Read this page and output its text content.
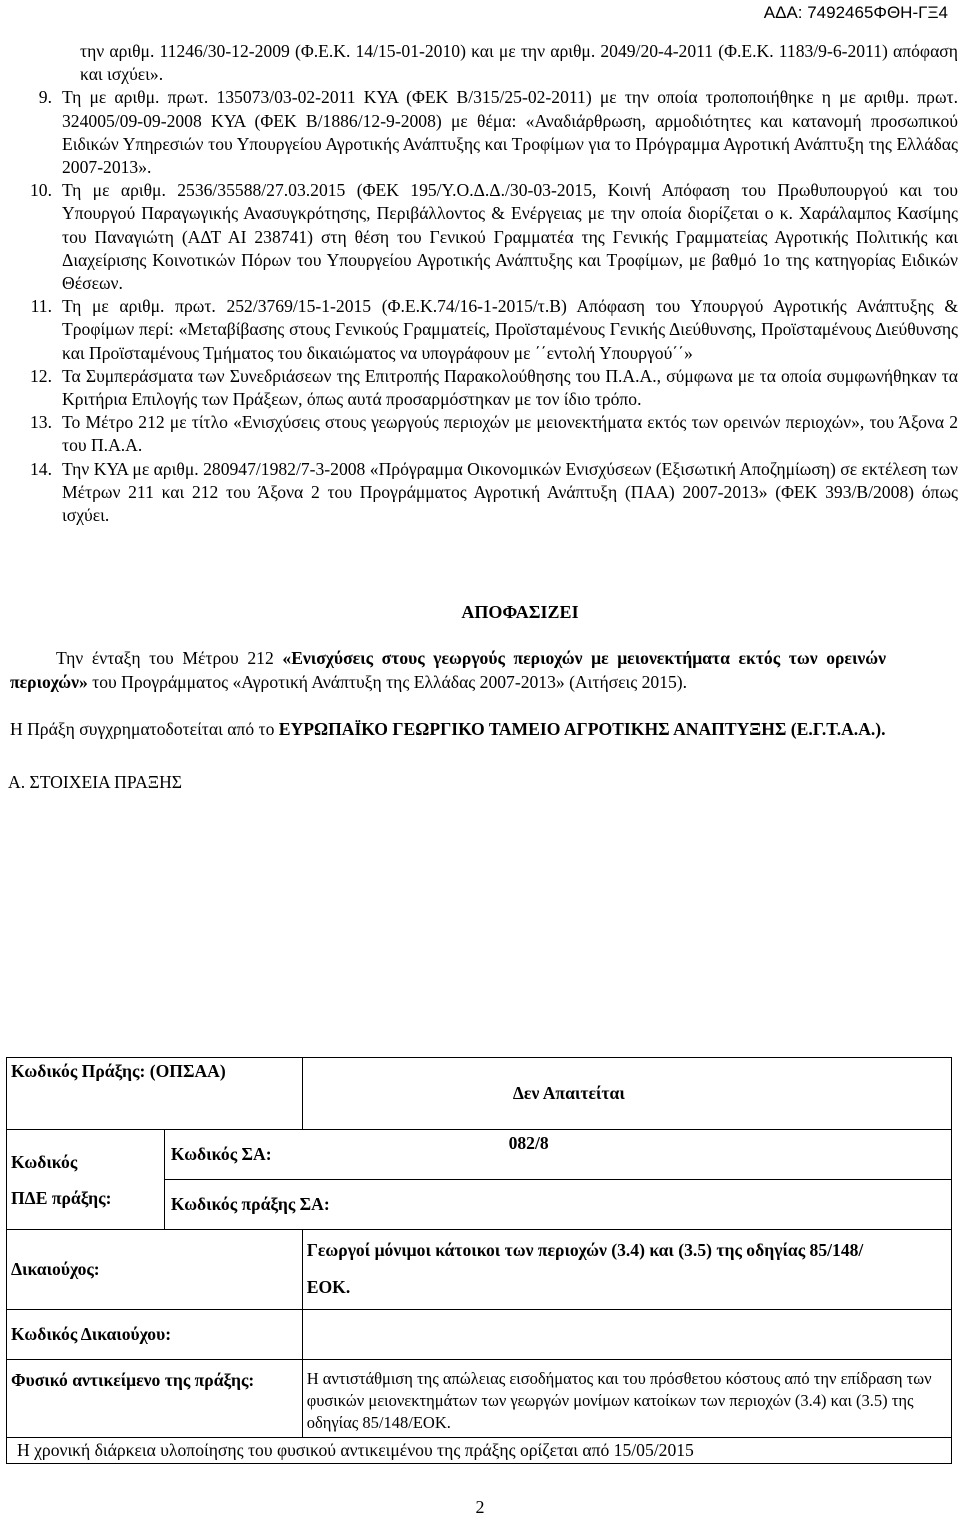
ΑΔΑ: 7492465ΦΘΗ-ΓΞ4

την αριθμ. 11246/30-12-2009 (Φ.Ε.Κ. 14/15-01-2010) και με την αριθμ. 2049/20-4-2011 (Φ.Ε.Κ. 1183/9-6-2011) απόφαση και ισχύει».

9. Τη με αριθμ. πρωτ. 135073/03-02-2011 ΚΥΑ (ΦΕΚ Β/315/25-02-2011) με την οποία τροποποιήθηκε η με αριθμ. πρωτ. 324005/09-09-2008 ΚΥΑ (ΦΕΚ Β/1886/12-9-2008) με θέμα: «Αναδιάρθρωση, αρμοδιότητες και κατανομή προσωπικού Ειδικών Υπηρεσιών του Υπουργείου Αγροτικής Ανάπτυξης και Τροφίμων για το Πρόγραμμα Αγροτική Ανάπτυξη της Ελλάδας 2007-2013».
10. Τη με αριθμ. 2536/35588/27.03.2015 (ΦΕΚ 195/Υ.Ο.Δ.Δ./30-03-2015, Κοινή Απόφαση του Πρωθυπουργού και του Υπουργού Παραγωγικής Ανασυγκρότησης, Περιβάλλοντος & Ενέργειας με την οποία διορίζεται ο κ. Χαράλαμπος Κασίμης του Παναγιώτη (ΑΔΤ ΑΙ 238741) στη θέση του Γενικού Γραμματέα της Γενικής Γραμματείας Αγροτικής Πολιτικής και Διαχείρισης Κοινοτικών Πόρων του Υπουργείου Αγροτικής Ανάπτυξης και Τροφίμων, με βαθμό 1ο της κατηγορίας Ειδικών Θέσεων.
11. Τη με αριθμ. πρωτ. 252/3769/15-1-2015 (Φ.Ε.Κ.74/16-1-2015/τ.Β) Απόφαση του Υπουργού Αγροτικής Ανάπτυξης & Τροφίμων περί: «Μεταβίβασης στους Γενικούς Γραμματείς, Προϊσταμένους Γενικής Διεύθυνσης, Προϊσταμένους Διεύθυνσης και Προϊσταμένους Τμήματος του δικαιώματος να υπογράφουν με ΄΄εντολή Υπουργού΄΄»
12. Τα Συμπεράσματα των Συνεδριάσεων της Επιτροπής Παρακολούθησης του Π.Α.Α., σύμφωνα με τα οποία συμφωνήθηκαν τα Κριτήρια Επιλογής των Πράξεων, όπως αυτά προσαρμόστηκαν με τον ίδιο τρόπο.
13. Το Μέτρο 212 με τίτλο «Ενισχύσεις στους γεωργούς περιοχών με μειονεκτήματα εκτός των ορεινών περιοχών», του Άξονα 2 του Π.Α.Α.
14. Την ΚΥΑ με αριθμ. 280947/1982/7-3-2008 «Πρόγραμμα Οικονομικών Ενισχύσεων (Εξισωτική Αποζημίωση) σε εκτέλεση των Μέτρων 211 και 212 του Άξονα 2 του Προγράμματος Αγροτική Ανάπτυξη (ΠΑΑ) 2007-2013» (ΦΕΚ 393/Β/2008) όπως ισχύει.
ΑΠΟΦΑΣΙΖΕΙ

Την ένταξη του Μέτρου 212 «Ενισχύσεις στους γεωργούς περιοχών με μειονεκτήματα εκτός των ορεινών περιοχών» του Προγράμματος «Αγροτική Ανάπτυξη της Ελλάδας 2007-2013» (Αιτήσεις 2015).

Η Πράξη συγχρηματοδοτείται από το ΕΥΡΩΠΑΪΚΟ ΓΕΩΡΓΙΚΟ ΤΑΜΕΙΟ ΑΓΡΟΤΙΚΗΣ ΑΝΑΠΤΥΞΗΣ (Ε.Γ.Τ.Α.Α.).

Α. ΣΤΟΙΧΕΙΑ ΠΡΑΞΗΣ
Κωδικός Πράξης: (ΟΠΣΑΑ)		Δεν Απαιτείται

Κωδικός
ΠΔΕ πράξης:	Κωδικός ΣΑ:	082/8
	Κωδικός πράξης ΣΑ:	
Δικαιούχος:		Γεωργοί μόνιμοι κάτοικοι των περιοχών (3.4) και (3.5) της οδηγίας 85/148/ΕΟΚ.
Κωδικός Δικαιούχου:		
Φυσικό αντικείμενο της πράξης:		Η αντιστάθμιση της απώλειας εισοδήματος και του πρόσθετου κόστους από την επίδραση των φυσικών μειονεκτημάτων των γεωργών μονίμων κατοίκων των περιοχών (3.4) και (3.5) της οδηγίας 85/148/ΕΟΚ.
Η χρονική διάρκεια υλοποίησης του φυσικού αντικειμένου της πράξης ορίζεται από 15/05/2015		
2
